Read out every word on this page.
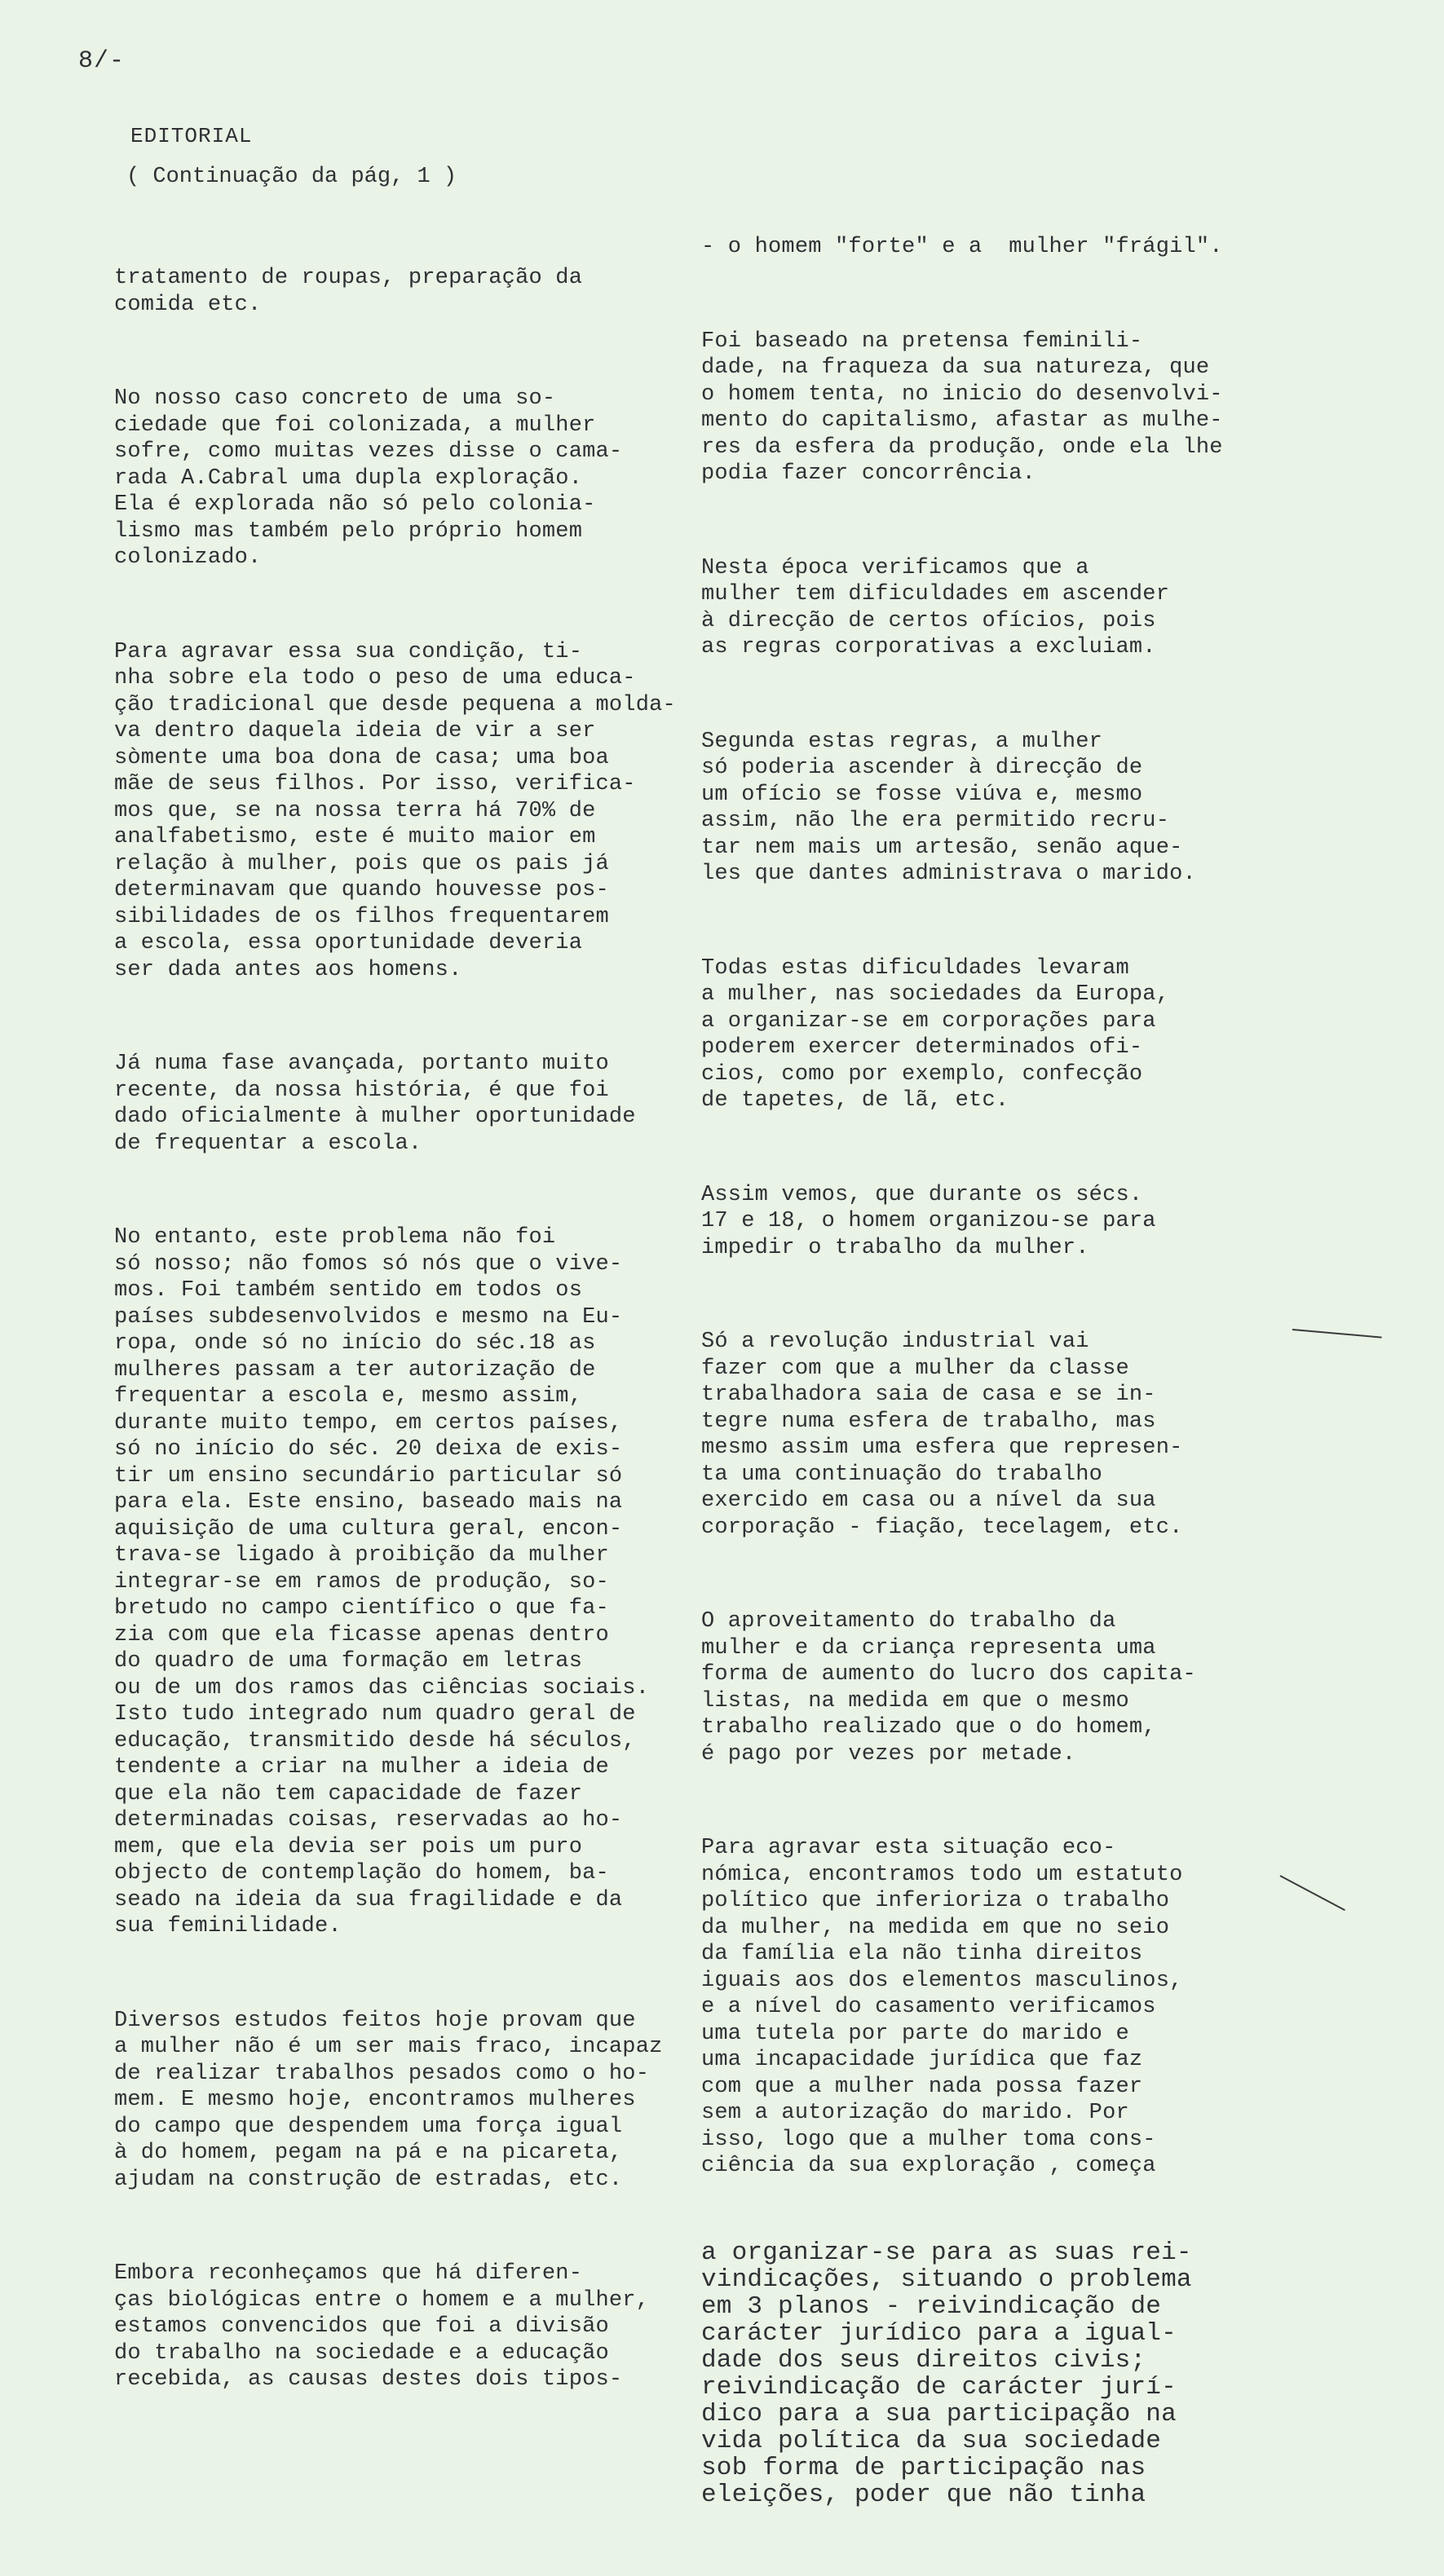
8/-
EDITORIAL
( Continuação da pág, 1 )

tratamento de roupas, preparação da
comida etc.

No nosso caso concreto de uma so-
ciedade que foi colonizada, a mulher
sofre, como muitas vezes disse o cama-
rada A.Cabral uma dupla exploração.
Ela é explorada não só pelo colonia-
lismo mas também pelo próprio homem
colonizado.

Para agravar essa sua condição, ti-
nha sobre ela todo o peso de uma educa-
ção tradicional que desde pequena a molda-
va dentro daquela ideia de vir a ser
sòmente uma boa dona de casa; uma boa
mãe de seus filhos. Por isso, verifica-
mos que, se na nossa terra há 70% de
analfabetismo, este é muito maior em
relação à mulher, pois que os pais já
determinavam que quando houvesse pos-
sibilidades de os filhos frequentarem
a escola, essa oportunidade deveria
ser dada antes aos homens.

Já numa fase avançada, portanto muito
recente, da nossa história, é que foi
dado oficialmente à mulher oportunidade
de frequentar a escola.

No entanto, este problema não foi
só nosso; não fomos só nós que o vive-
mos. Foi também sentido em todos os
países subdesenvolvidos e mesmo na Eu-
ropa, onde só no início do séc.18 as
mulheres passam a ter autorização de
frequentar a escola e, mesmo assim,
durante muito tempo, em certos países,
só no início do séc. 20 deixa de exis-
tir um ensino secundário particular só
para ela. Este ensino, baseado mais na
aquisição de uma cultura geral, encon-
trava-se ligado à proibição da mulher
integrar-se em ramos de produção, so-
bretudo no campo científico o que fa-
zia com que ela ficasse apenas dentro
do quadro de uma formação em letras
ou de um dos ramos das ciências sociais.
Isto tudo integrado num quadro geral de
educação, transmitido desde há séculos,
tendente a criar na mulher a ideia de
que ela não tem capacidade de fazer
determinadas coisas, reservadas ao ho-
mem, que ela devia ser pois um puro
objecto de contemplação do homem, ba-
seado na ideia da sua fragilidade e da
sua feminilidade.

Diversos estudos feitos hoje provam que
a mulher não é um ser mais fraco, incapaz
de realizar trabalhos pesados como o ho-
mem. E mesmo hoje, encontramos mulheres
do campo que despendem uma força igual
à do homem, pegam na pá e na picareta,
ajudam na construção de estradas, etc.

Embora reconheçamos que há diferen-
ças biológicas entre o homem e a mulher,
estamos convencidos que foi a divisão
do trabalho na sociedade e a educação
recebida, as causas destes dois tipos-

- o homem "forte" e a  mulher "frágil".

Foi baseado na pretensa feminili-
dade, na fraqueza da sua natureza, que
o homem tenta, no inicio do desenvolvi-
mento do capitalismo, afastar as mulhe-
res da esfera da produção, onde ela lhe
podia fazer concorrência.

Nesta época verificamos que a
mulher tem dificuldades em ascender
à direcção de certos ofícios, pois
as regras corporativas a excluiam.

Segunda estas regras, a mulher
só poderia ascender à direcção de
um ofício se fosse viúva e, mesmo
assim, não lhe era permitido recru-
tar nem mais um artesão, senão aque-
les que dantes administrava o marido.

Todas estas dificuldades levaram
a mulher, nas sociedades da Europa,
a organizar-se em corporações para
poderem exercer determinados ofi-
cios, como por exemplo, confecção
de tapetes, de lã, etc.

Assim vemos, que durante os sécs.
17 e 18, o homem organizou-se para
impedir o trabalho da mulher.

Só a revolução industrial vai
fazer com que a mulher da classe
trabalhadora saia de casa e se in-
tegre numa esfera de trabalho, mas
mesmo assim uma esfera que represen-
ta uma continuação do trabalho
exercido em casa ou a nível da sua
corporação - fiação, tecelagem, etc.

O aproveitamento do trabalho da
mulher e da criança representa uma
forma de aumento do lucro dos capita-
listas, na medida em que o mesmo
trabalho realizado que o do homem,
é pago por vezes por metade.

Para agravar esta situação eco-
nómica, encontramos todo um estatuto
político que inferioriza o trabalho
da mulher, na medida em que no seio
da família ela não tinha direitos
iguais aos dos elementos masculinos,
e a nível do casamento verificamos
uma tutela por parte do marido e
uma incapacidade jurídica que faz
com que a mulher nada possa fazer
sem a autorização do marido. Por
isso, logo que a mulher toma cons-
ciência da sua exploração , começa

a organizar-se para as suas rei-
vindicações, situando o problema
em 3 planos - reivindicação de
carácter jurídico para a igual-
dade dos seus direitos civis;
reivindicação de carácter jurí-
dico para a sua participação na
vida política da sua sociedade
sob forma de participação nas
eleições, poder que não tinha
